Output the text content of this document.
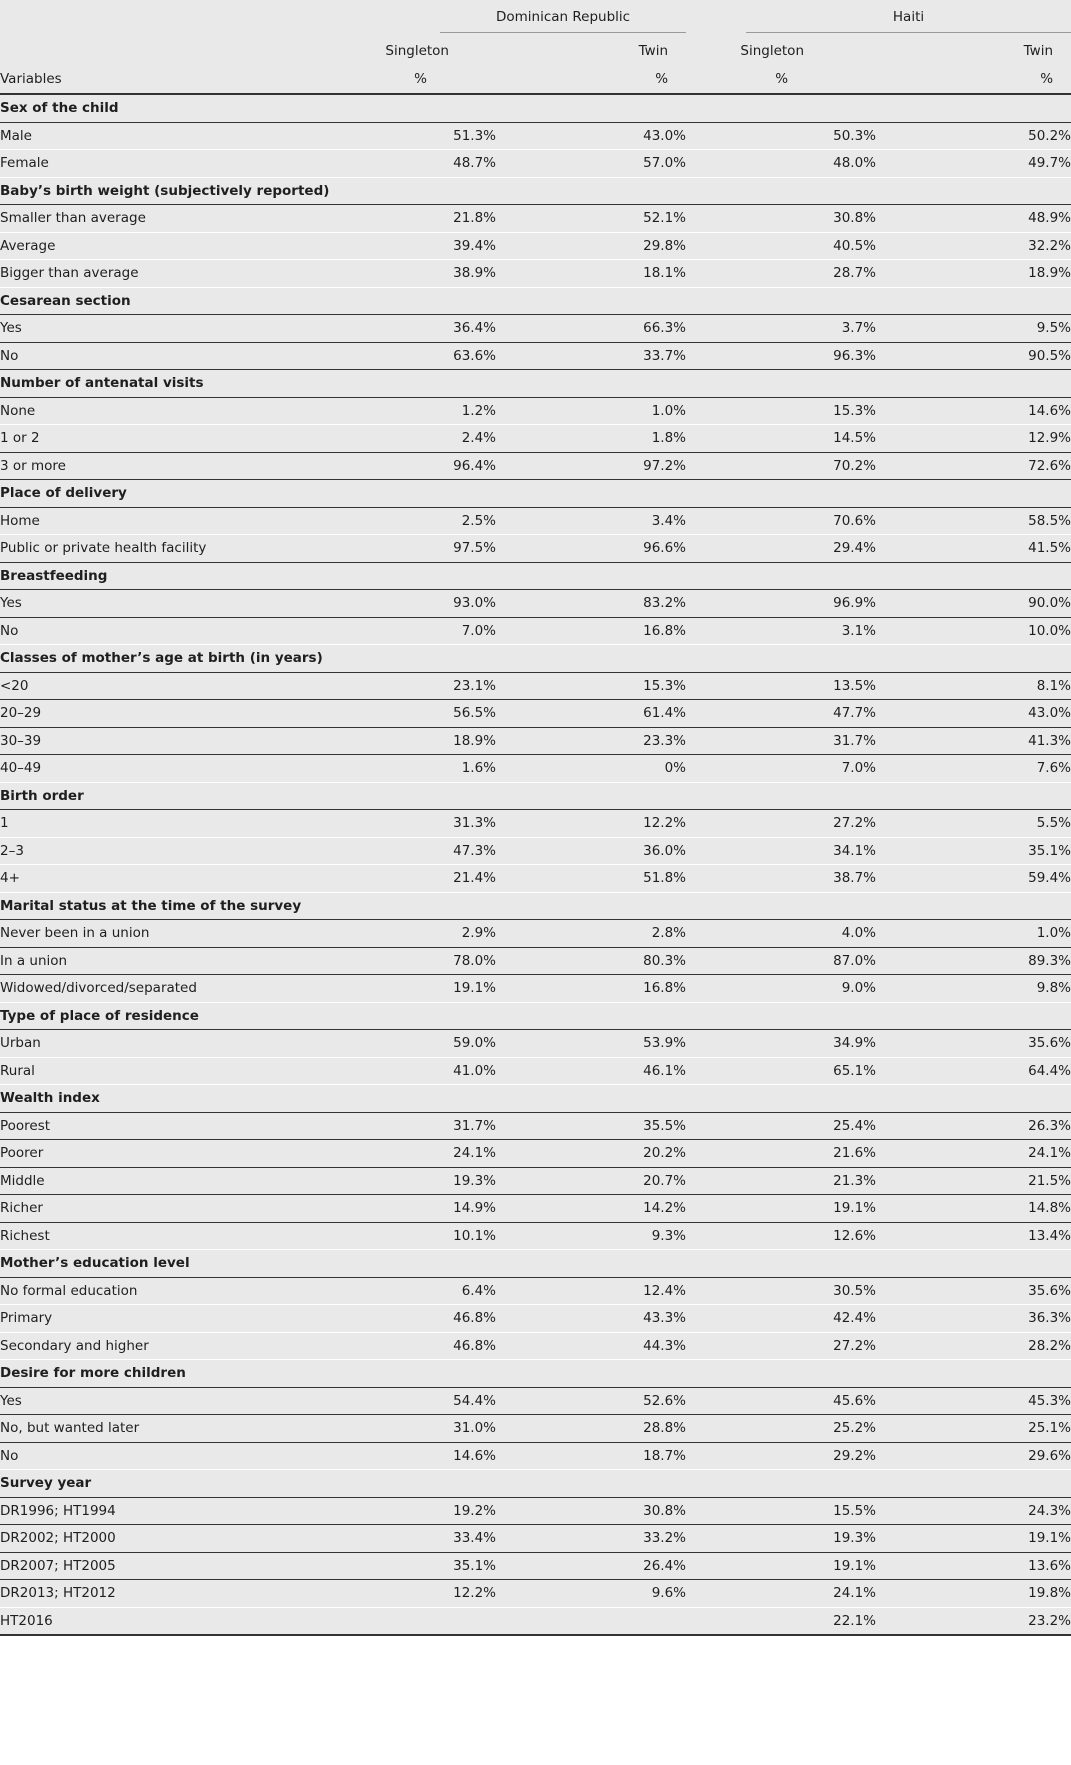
	Dominican Republic		Haiti	

	Singleton	Twin	Singleton	Twin
Variables	%	%	%	%
Sex of the child				
Male	51.3%	43.0%	50.3%	50.2%
Female	48.7%	57.0%	48.0%	49.7%
Baby’s birth weight (subjectively reported)				
Smaller than average	21.8%	52.1%	30.8%	48.9%
Average	39.4%	29.8%	40.5%	32.2%
Bigger than average	38.9%	18.1%	28.7%	18.9%
Cesarean section				
Yes	36.4%	66.3%	3.7%	9.5%
No	63.6%	33.7%	96.3%	90.5%
Number of antenatal visits				
None	1.2%	1.0%	15.3%	14.6%
1 or 2	2.4%	1.8%	14.5%	12.9%
3 or more	96.4%	97.2%	70.2%	72.6%
Place of delivery				
Home	2.5%	3.4%	70.6%	58.5%
Public or private health facility	97.5%	96.6%	29.4%	41.5%
Breastfeeding				
Yes	93.0%	83.2%	96.9%	90.0%
No	7.0%	16.8%	3.1%	10.0%
Classes of mother’s age at birth (in years)				
<20	23.1%	15.3%	13.5%	8.1%
20–29	56.5%	61.4%	47.7%	43.0%
30–39	18.9%	23.3%	31.7%	41.3%
40–49	1.6%	0%	7.0%	7.6%
Birth order				
1	31.3%	12.2%	27.2%	5.5%
2–3	47.3%	36.0%	34.1%	35.1%
4+	21.4%	51.8%	38.7%	59.4%
Marital status at the time of the survey				
Never been in a union	2.9%	2.8%	4.0%	1.0%
In a union	78.0%	80.3%	87.0%	89.3%
Widowed/divorced/separated	19.1%	16.8%	9.0%	9.8%
Type of place of residence				
Urban	59.0%	53.9%	34.9%	35.6%
Rural	41.0%	46.1%	65.1%	64.4%
Wealth index				
Poorest	31.7%	35.5%	25.4%	26.3%
Poorer	24.1%	20.2%	21.6%	24.1%
Middle	19.3%	20.7%	21.3%	21.5%
Richer	14.9%	14.2%	19.1%	14.8%
Richest	10.1%	9.3%	12.6%	13.4%
Mother’s education level				
No formal education	6.4%	12.4%	30.5%	35.6%
Primary	46.8%	43.3%	42.4%	36.3%
Secondary and higher	46.8%	44.3%	27.2%	28.2%
Desire for more children				
Yes	54.4%	52.6%	45.6%	45.3%
No, but wanted later	31.0%	28.8%	25.2%	25.1%
No	14.6%	18.7%	29.2%	29.6%
Survey year				
DR1996; HT1994	19.2%	30.8%	15.5%	24.3%
DR2002; HT2000	33.4%	33.2%	19.3%	19.1%
DR2007; HT2005	35.1%	26.4%	19.1%	13.6%
DR2013; HT2012	12.2%	9.6%	24.1%	19.8%
HT2016			22.1%	23.2%
